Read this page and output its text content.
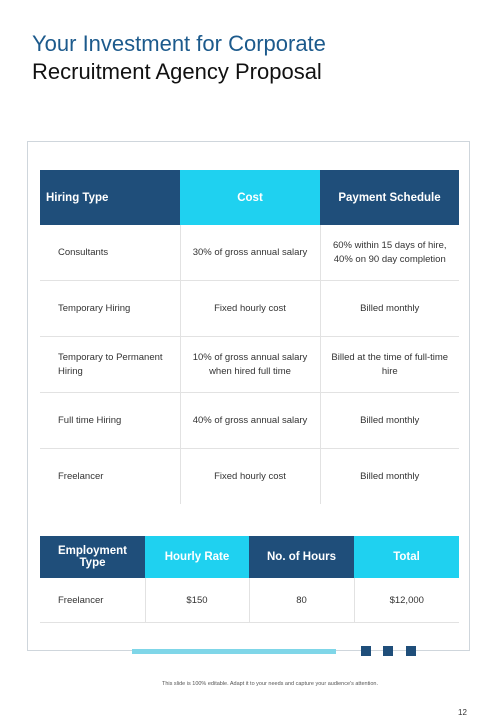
Your Investment for Corporate
Recruitment Agency Proposal
Hiring Type	Cost	Payment Schedule
Consultants	30% of gross annual salary	60% within 15 days of hire, 40% on 90 day completion
Temporary Hiring	Fixed hourly cost	Billed monthly
Temporary to Permanent Hiring	10% of gross annual salary when hired full time	Billed at the time of full-time hire
Full time Hiring	40% of gross annual salary	Billed monthly
Freelancer	Fixed hourly cost	Billed monthly
Employment Type	Hourly Rate	No. of Hours	Total
Freelancer	$150	80	$12,000
This slide is 100% editable. Adapt it to your needs and capture your audience's attention.
12
